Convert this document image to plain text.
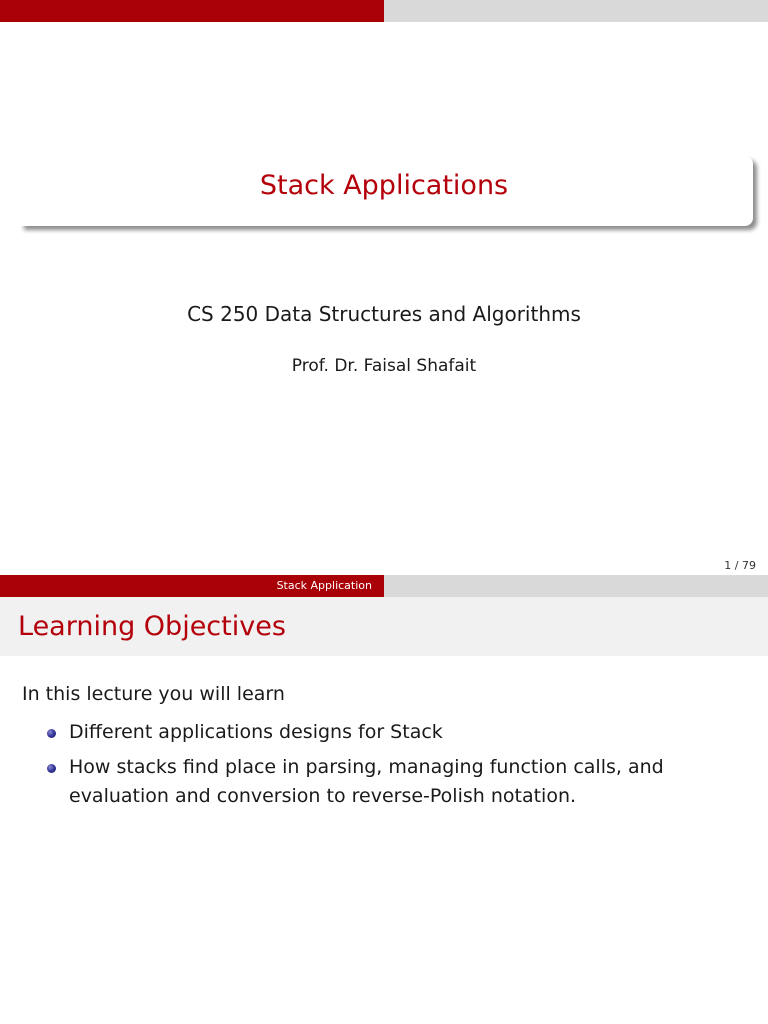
Stack Applications
CS 250 Data Structures and Algorithms
Prof. Dr. Faisal Shafait
1 / 79
Stack Application
Learning Objectives
In this lecture you will learn
Different applications designs for Stack
How stacks find place in parsing, managing function calls, and evaluation and conversion to reverse-Polish notation.
